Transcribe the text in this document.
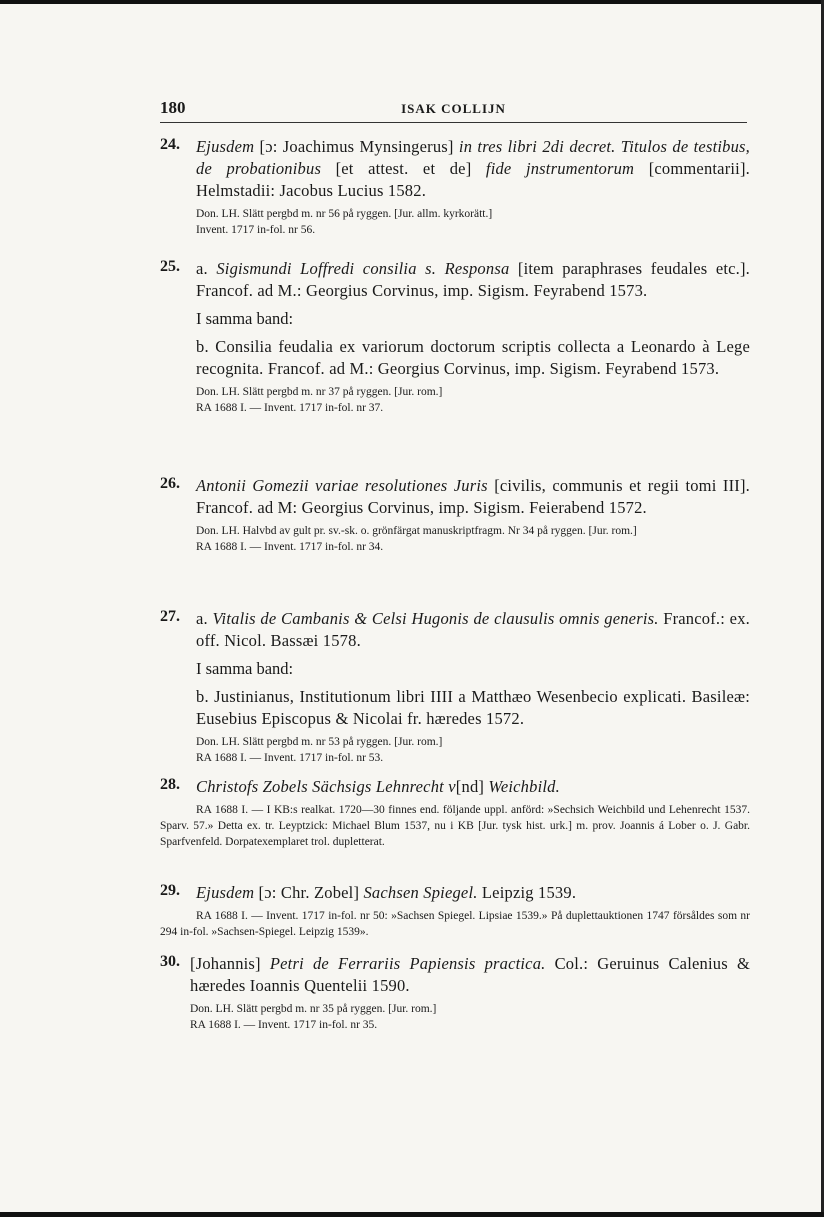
180	ISAK COLLIJN
24. Ejusdem [ɔ: Joachimus Mynsingerus] in tres libri 2di decret. Titulos de testibus, de probationibus [et attest. et de] fide jnstrumentorum [commentarii]. Helmstadii: Jacobus Lucius 1582.

Don. LH. Slätt pergbd m. nr 56 på ryggen. [Jur. allm. kyrkorätt.]

Invent. 1717 in-fol. nr 56.

25. a. Sigismundi Loffredi consilia s. Responsa [item paraphrases feudales etc.]. Francof. ad M.: Georgius Corvinus, imp. Sigism. Feyrabend 1573.

I samma band:

b. Consilia feudalia ex variorum doctorum scriptis collecta a Leonardo à Lege recognita. Francof. ad M.: Georgius Corvinus, imp. Sigism. Feyrabend 1573.

Don. LH. Slätt pergbd m. nr 37 på ryggen. [Jur. rom.]

RA 1688 I. — Invent. 1717 in-fol. nr 37.

26. Antonii Gomezii variae resolutiones Juris [civilis, communis et regii tomi III]. Francof. ad M: Georgius Corvinus, imp. Sigism. Feierabend 1572.

Don. LH. Halvbd av gult pr. sv.-sk. o. grönfärgat manuskriptfragm. Nr 34 på ryggen. [Jur. rom.]

RA 1688 I. — Invent. 1717 in-fol. nr 34.

27. a. Vitalis de Cambanis & Celsi Hugonis de clausulis omnis generis. Francof.: ex. off. Nicol. Bassæi 1578.

I samma band:

b. Justinianus, Institutionum libri IIII a Matthæo Wesenbecio explicati. Basileæ: Eusebius Episcopus & Nicolai fr. hæredes 1572.

Don. LH. Slätt pergbd m. nr 53 på ryggen. [Jur. rom.]

RA 1688 I. — Invent. 1717 in-fol. nr 53.

28. Christofs Zobels Sächsigs Lehnrecht v[nd] Weichbild.

RA 1688 I. — I KB:s realkat. 1720—30 finnes end. följande uppl. anförd: »Sechsich Weichbild und Lehenrecht 1537. Sparv. 57.» Detta ex. tr. Leyptzick: Michael Blum 1537, nu i KB [Jur. tysk hist. urk.] m. prov. Joannis á Lober o. J. Gabr. Sparfvenfeld. Dorpatexemplaret trol. dupletterat.

29. Ejusdem [ɔ: Chr. Zobel] Sachsen Spiegel. Leipzig 1539.

RA 1688 I. — Invent. 1717 in-fol. nr 50: »Sachsen Spiegel. Lipsiae 1539.» På duplettauktionen 1747 försåldes som nr 294 in-fol. »Sachsen-Spiegel. Leipzig 1539».

30. [Johannis] Petri de Ferrariis Papiensis practica. Col.: Geruinus Calenius & hæredes Ioannis Quentelii 1590.

Don. LH. Slätt pergbd m. nr 35 på ryggen. [Jur. rom.]

RA 1688 I. — Invent. 1717 in-fol. nr 35.
